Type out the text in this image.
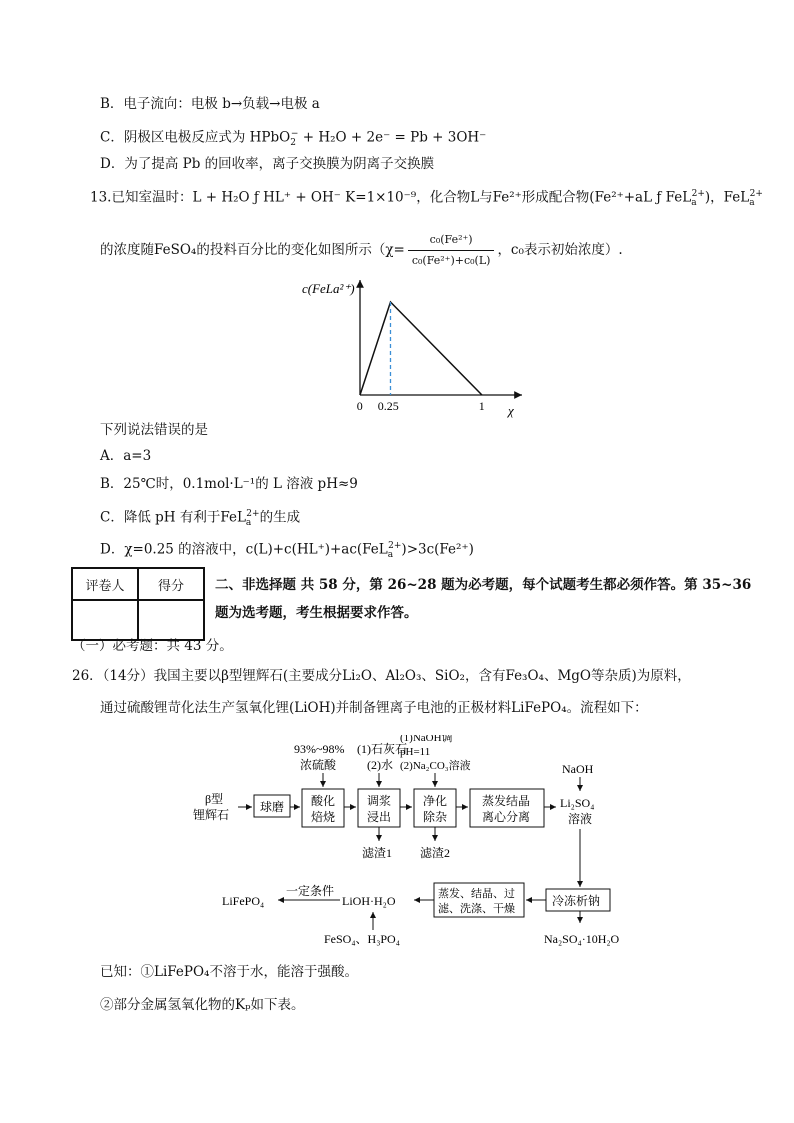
B．电子流向：电极 b→负载→电极 a
C．阴极区电极反应式为 HPbO$_2$− + H₂O + 2e⁻ = Pb + 3OH⁻
D．为了提高 Pb 的回收率，离子交换膜为阴离子交换膜
13.已知室温时：L + H₂O ƒ HL⁺ + OH⁻ K=1×10⁻⁹，化合物L与Fe²⁺形成配合物(Fe²⁺+aL ƒ FeL$_a^{2+}$)，FeL$_a^{2+}$
的浓度随FeSO₄的投料百分比的变化如图所示（$\chi= \frac{\text{c₀(Fe²⁺)}}{\text{c₀(Fe²⁺)+c₀(L)}}$ ，c₀表示初始浓度）.
c(FeLa²⁺)
χ
0 0.25	1
下列说法错误的是
A．a=3
B．25℃时，0.1mol·L⁻¹的 L 溶液 pH≈9
C．降低 pH 有利于FeL$_a^{2+}$的生成
D．χ=0.25 的溶液中，c(L)+c(HL⁺)+ac(FeL$_a^{2+}$)>3c(Fe²⁺)
评卷人	得分
	二、非选择题 共 58 分，第 26~28 题为必考题，每个试题考生都必须作答。第 35~36
题为选考题，考生根据要求作答。
（一）必考题：共 43 分。
26．（14分）我国主要以β型锂辉石(主要成分Li₂O、Al₂O₃、SiO₂，含有Fe₃O₄、MgO等杂质)为原料，
通过硫酸锂苛化法生产氢氧化锂(LiOH)并制备锂离子电池的正极材料LiFePO₄。流程如下：
β型
锂辉石
球磨 酸化
焙烧
93%~98%
浓硫酸
调浆
浸出
(1)石灰石
(2)水
滤渣1
净化
除杂
(1)NaOH调
pH=11
(2)Na₂CO₃溶液
滤渣2
蒸发结晶
离心分离
NaOH
Li₂SO₄
溶液
冷冻析钠
Na₂SO₄·10H₂O
蒸发、结晶、过
滤、洗涤、干燥
LiOH·H₂O
FeSO₄、H₃PO₄
一定条件
LiFePO₄
已知：①LiFePO₄不溶于水，能溶于强酸。
②部分金属氢氧化物的Kₚ如下表。
